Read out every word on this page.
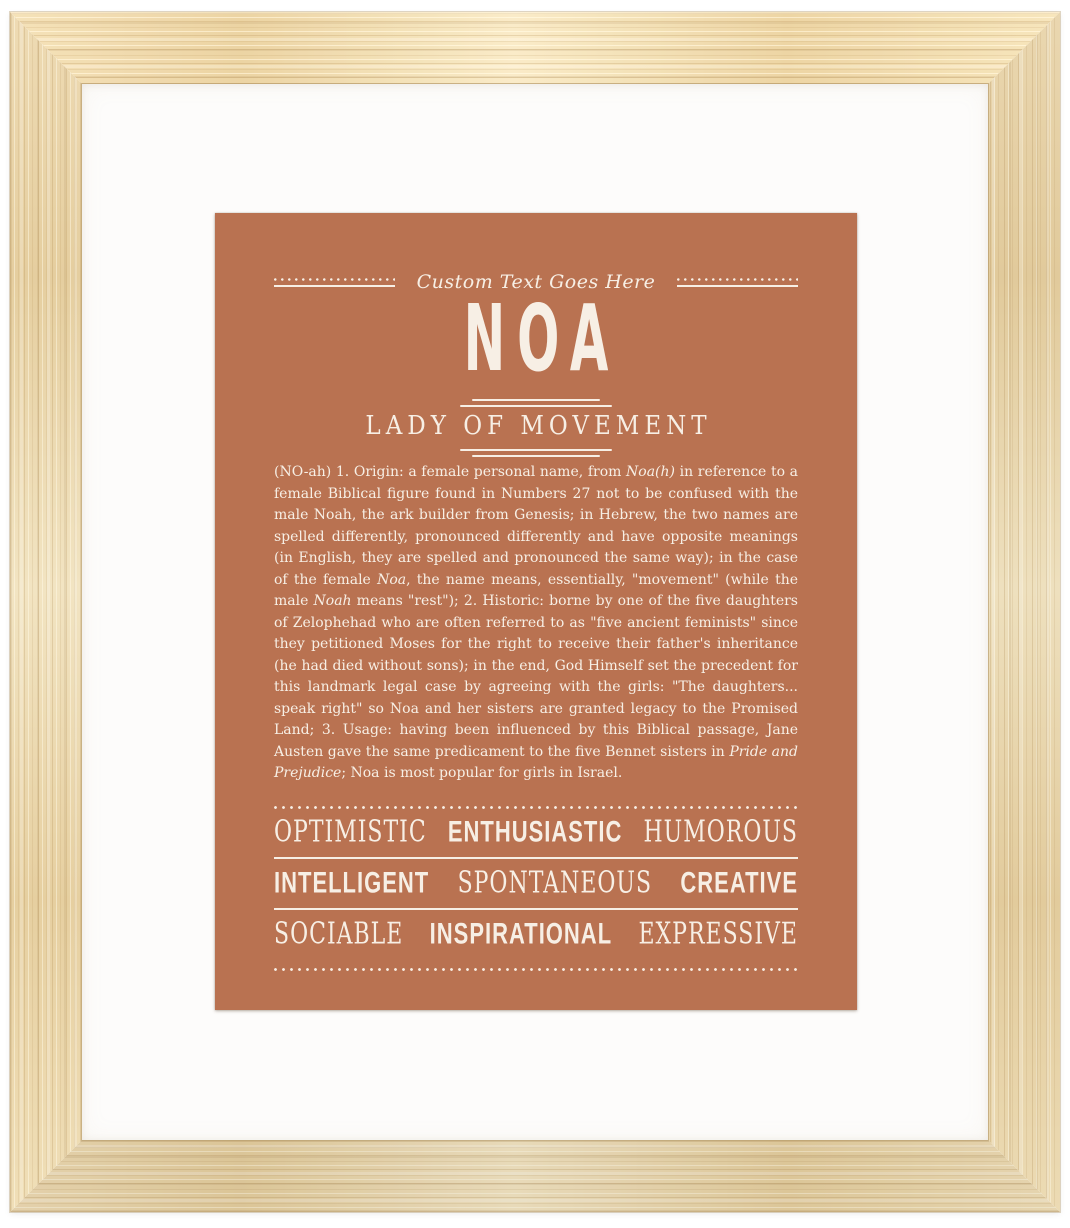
Custom Text Goes Here
NOA
LADY OF MOVEMENT
(NO-ah) 1. Origin: a female personal name, from Noa(h) in reference to a female Biblical figure found in Numbers 27 not to be confused with the male Noah, the ark builder from Genesis; in Hebrew, the two names are spelled differently, pronounced differently and have opposite meanings (in English, they are spelled and pronounced the same way); in the case of the female Noa, the name means, essentially, "movement" (while the male Noah means "rest"); 2. Historic: borne by one of the five daughters of Zelophehad who are often referred to as "five ancient feminists" since they petitioned Moses for the right to receive their father's inheritance (he had died without sons); in the end, God Himself set the precedent for this landmark legal case by agreeing with the girls: "The daughters... speak right" so Noa and her sisters are granted legacy to the Promised Land; 3. Usage: having been influenced by this Biblical passage, Jane Austen gave the same predicament to the five Bennet sisters in Pride and Prejudice; Noa is most popular for girls in Israel.
OPTIMISTIC ENTHUSIASTIC HUMOROUS
INTELLIGENT SPONTANEOUS CREATIVE
SOCIABLE INSPIRATIONAL EXPRESSIVE
